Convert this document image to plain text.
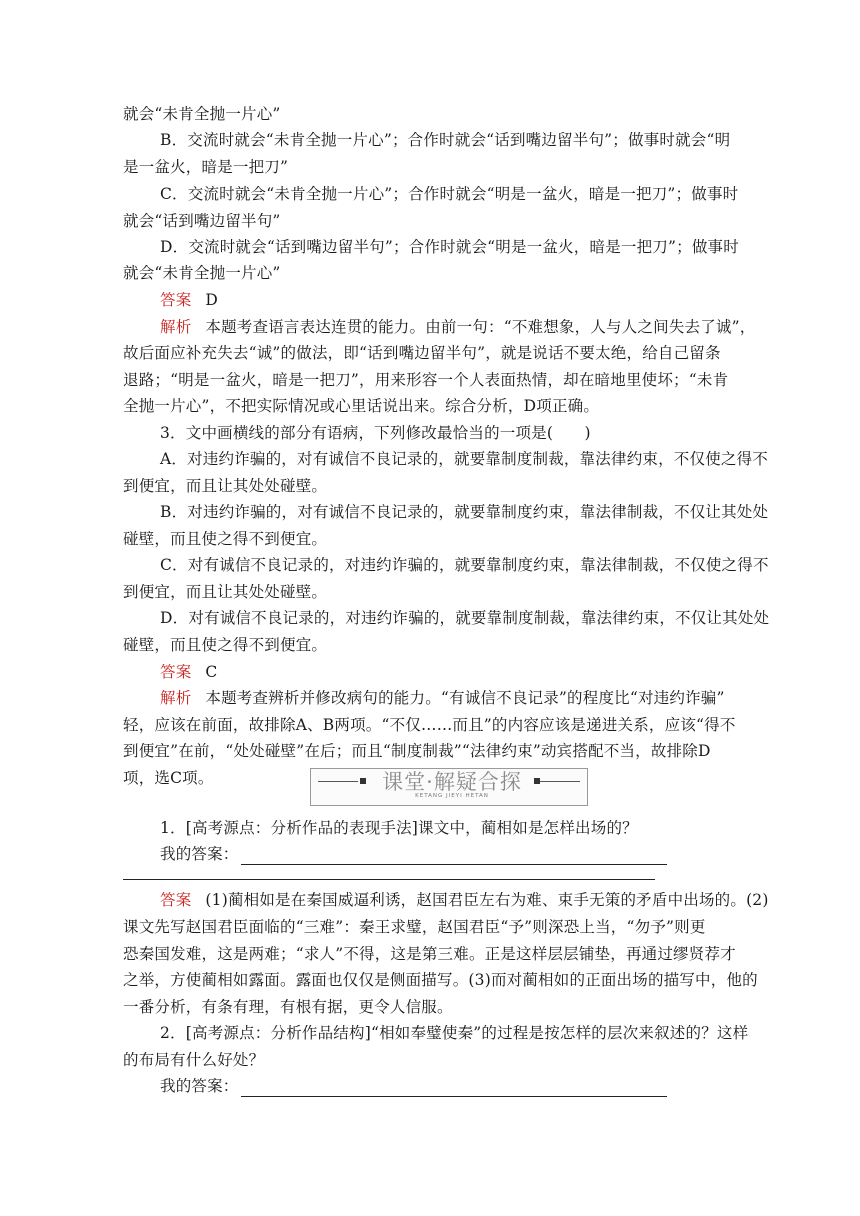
就会“未肯全抛一片心”
B．交流时就会“未肯全抛一片心”；合作时就会“话到嘴边留半句”；做事时就会“明
是一盆火，暗是一把刀”
C．交流时就会“未肯全抛一片心”；合作时就会“明是一盆火，暗是一把刀”；做事时
就会“话到嘴边留半句”
D．交流时就会“话到嘴边留半句”；合作时就会“明是一盆火，暗是一把刀”；做事时
就会“未肯全抛一片心”
答案 D
解析 本题考查语言表达连贯的能力。由前一句：“不难想象，人与人之间失去了诚”，
故后面应补充失去“诚”的做法，即“话到嘴边留半句”，就是说话不要太绝，给自己留条
退路；“明是一盆火，暗是一把刀”，用来形容一个人表面热情，却在暗地里使坏；“未肯
全抛一片心”，不把实际情况或心里话说出来。综合分析，D项正确。
3．文中画横线的部分有语病，下列修改最恰当的一项是(　　)
A．对违约诈骗的，对有诚信不良记录的，就要靠制度制裁，靠法律约束，不仅使之得不
到便宜，而且让其处处碰壁。
B．对违约诈骗的，对有诚信不良记录的，就要靠制度约束，靠法律制裁，不仅让其处处
碰壁，而且使之得不到便宜。
C．对有诚信不良记录的，对违约诈骗的，就要靠制度约束，靠法律制裁，不仅使之得不
到便宜，而且让其处处碰壁。
D．对有诚信不良记录的，对违约诈骗的，就要靠制度制裁，靠法律约束，不仅让其处处
碰壁，而且使之得不到便宜。
答案 C
解析 本题考查辨析并修改病句的能力。“有诚信不良记录”的程度比“对违约诈骗”
轻，应该在前面，故排除A、B两项。“不仅……而且”的内容应该是递进关系，应该“得不
到便宜”在前，“处处碰壁”在后；而且“制度制裁”“法律约束”动宾搭配不当，故排除D
项，选C项。	课堂·解疑合探
KETANG JIEYI HETAN
1．[高考源点：分析作品的表现手法]课文中，蔺相如是怎样出场的？
我的答案：
答案 (1)蔺相如是在秦国威逼利诱，赵国君臣左右为难、束手无策的矛盾中出场的。(2)
课文先写赵国君臣面临的“三难”：秦王求璧，赵国君臣“予”则深恐上当，“勿予”则更
恐秦国发难，这是两难；“求人”不得，这是第三难。正是这样层层铺垫，再通过缪贤荐才
之举，方使蔺相如露面。露面也仅仅是侧面描写。(3)而对蔺相如的正面出场的描写中，他的
一番分析，有条有理，有根有据，更令人信服。
2．[高考源点：分析作品结构]“相如奉璧使秦”的过程是按怎样的层次来叙述的？这样
的布局有什么好处？
我的答案：
